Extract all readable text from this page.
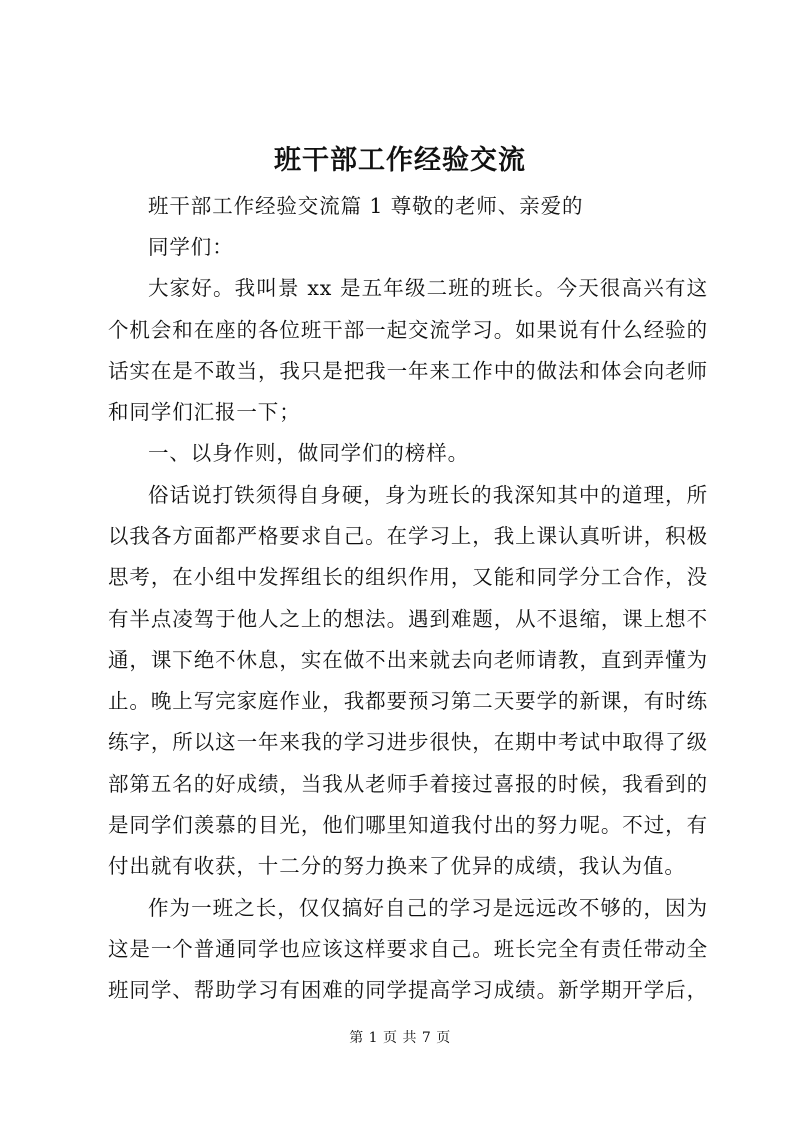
班干部工作经验交流
班干部工作经验交流篇 1 尊敬的老师、亲爱的
同学们：
大家好。我叫景 xx 是五年级二班的班长。今天很高兴有这
个机会和在座的各位班干部一起交流学习。如果说有什么经验的
话实在是不敢当，我只是把我一年来工作中的做法和体会向老师
和同学们汇报一下；
一、以身作则，做同学们的榜样。
俗话说打铁须得自身硬，身为班长的我深知其中的道理，所
以我各方面都严格要求自己。在学习上，我上课认真听讲，积极
思考，在小组中发挥组长的组织作用，又能和同学分工合作，没
有半点凌驾于他人之上的想法。遇到难题，从不退缩，课上想不
通，课下绝不休息，实在做不出来就去向老师请教，直到弄懂为
止。晚上写完家庭作业，我都要预习第二天要学的新课，有时练
练字，所以这一年来我的学习进步很快，在期中考试中取得了级
部第五名的好成绩，当我从老师手着接过喜报的时候，我看到的
是同学们羡慕的目光，他们哪里知道我付出的努力呢。不过，有
付出就有收获，十二分的努力换来了优异的成绩，我认为值。
作为一班之长，仅仅搞好自己的学习是远远改不够的，因为
这是一个普通同学也应该这样要求自己。班长完全有责任带动全
班同学、帮助学习有困难的同学提高学习成绩。新学期开学后，
第 1 页 共 7 页
